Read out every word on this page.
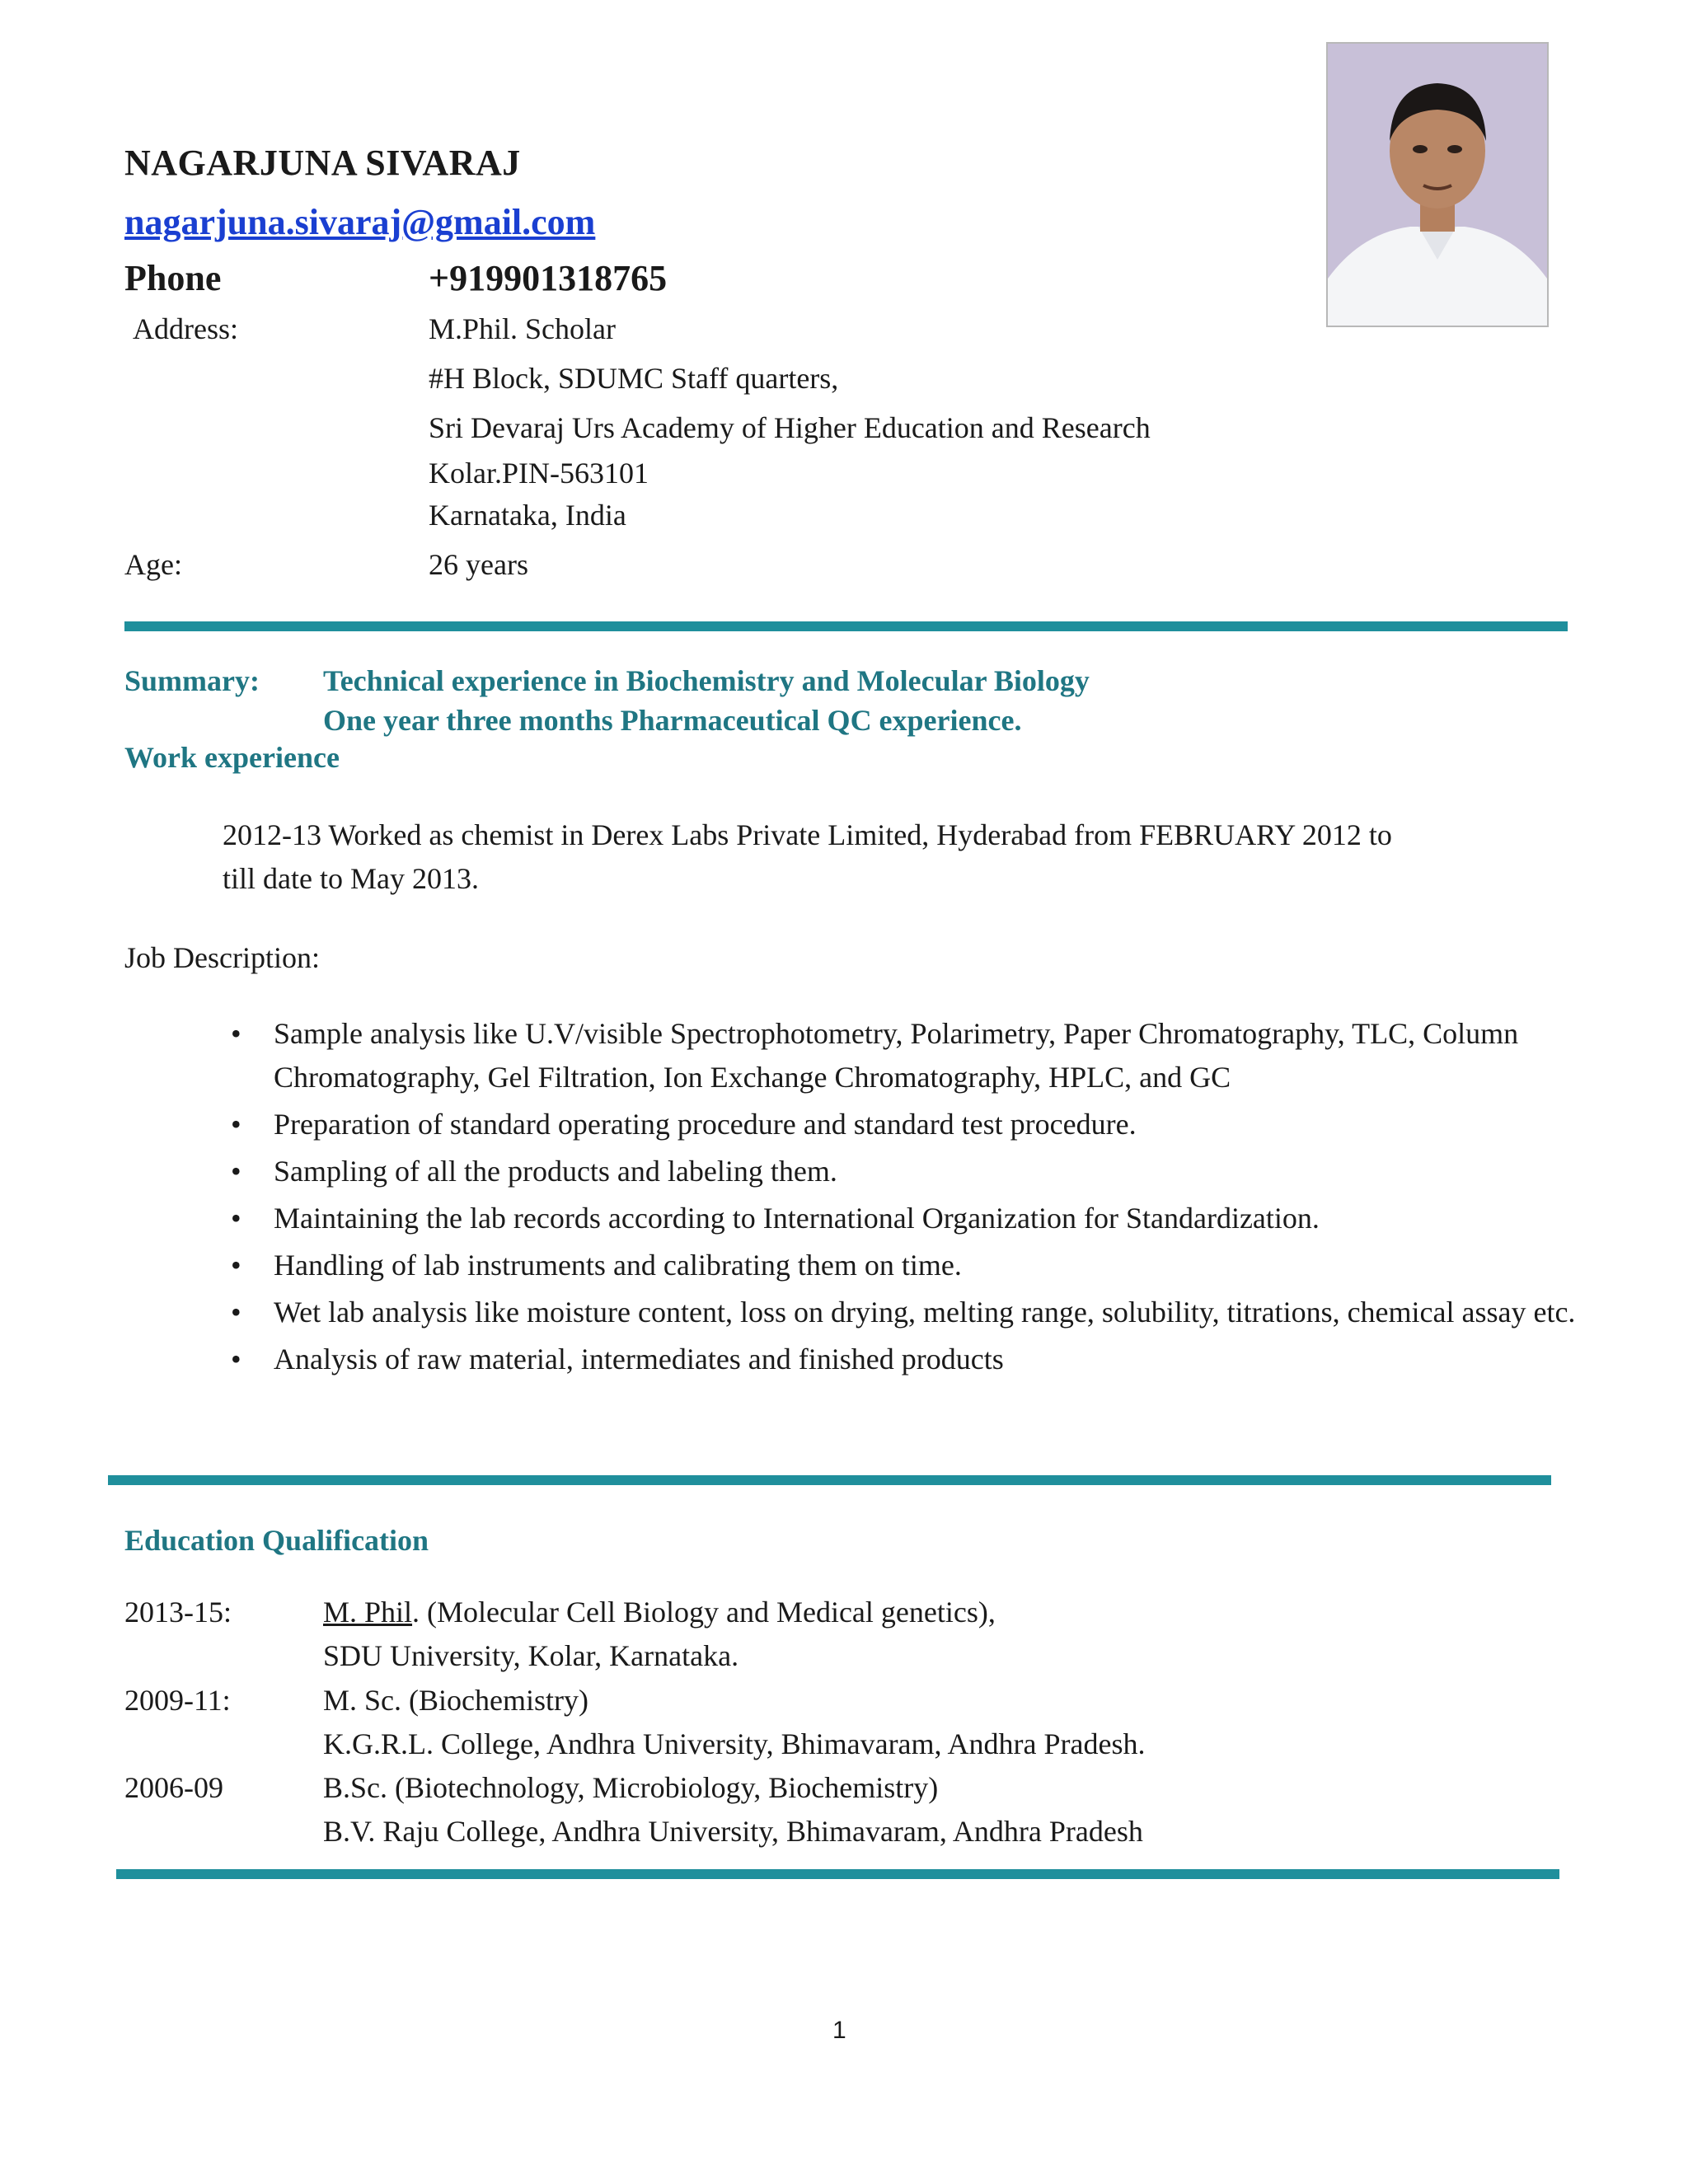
NAGARJUNA SIVARAJ
nagarjuna.sivaraj@gmail.com
Phone	+919901318765
Address:	M.Phil. Scholar
#H Block, SDUMC Staff quarters,
Sri Devaraj Urs Academy of Higher Education and Research
Kolar.PIN-563101
Karnataka, India
Age:	26 years
Summary: Technical experience in Biochemistry and Molecular Biology
One year three months Pharmaceutical QC experience.
Work experience
2012-13 Worked as chemist in Derex Labs Private Limited, Hyderabad from FEBRUARY 2012 to
till date to May 2013.
Job Description:
• Sample analysis like U.V/visible Spectrophotometry, Polarimetry, Paper Chromatography, TLC, Column Chromatography, Gel Filtration, Ion Exchange Chromatography, HPLC, and GC
• Preparation of standard operating procedure and standard test procedure.
• Sampling of all the products and labeling them.
• Maintaining the lab records according to International Organization for Standardization.
• Handling of lab instruments and calibrating them on time.
• Wet lab analysis like moisture content, loss on drying, melting range, solubility, titrations, chemical assay etc.
• Analysis of raw material, intermediates and finished products
Education Qualification
2013-15:	M. Phil. (Molecular Cell Biology and Medical genetics),
SDU University, Kolar, Karnataka.
2009-11:	M. Sc. (Biochemistry)
K.G.R.L. College, Andhra University, Bhimavaram, Andhra Pradesh.
2006-09	B.Sc. (Biotechnology, Microbiology, Biochemistry)
B.V. Raju College, Andhra University, Bhimavaram, Andhra Pradesh
1
